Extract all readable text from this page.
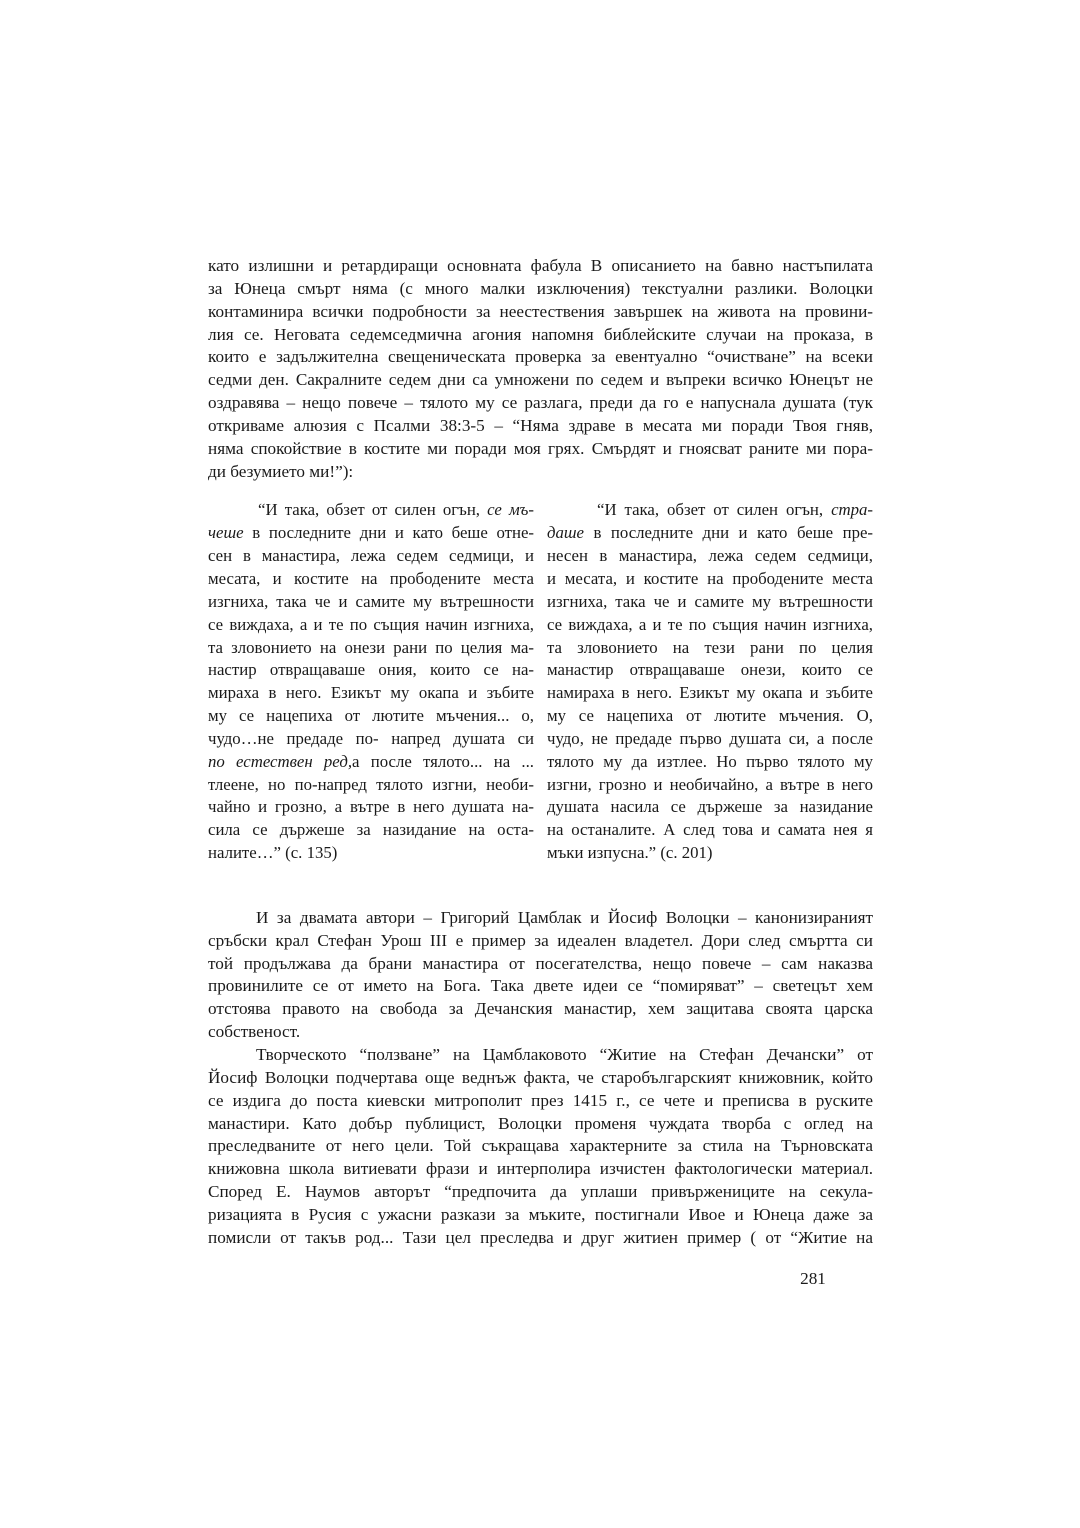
като излишни и ретардиращи основната фабула В описанието на бавно настъпилата
за Юнеца смърт няма (с много малки изключения) текстуални разлики. Волоцки
контаминира всички подробности за неестествения завършек на живота на провини-
лия се. Неговата седемседмична агония напомня библейските случаи на проказа, в
които е задължителна свещеническата проверка за евентуално “очистване” на всеки
седми ден. Сакралните седем дни са умножени по седем и въпреки всичко Юнецът не
оздравява – нещо повече – тялото му се разлага, преди да го е напуснала душата (тук
откриваме алюзия с Псалми 38:3-5 – “Няма здраве в месата ми поради Твоя гняв,
няма спокойствие в костите ми поради моя грях. Смърдят и гноясват раните ми пора-
ди безумието ми!”):

“И така, обзет от силен огън, се мъ-
чеше в последните дни и като беше отне-
сен в манастира, лежа седем седмици, и
месата, и костите на прободените места
изгниха, така че и самите му вътрешности
се виждаха, а и те по същия начин изгниха,
та зловонието на онези рани по целия ма-
настир отвращаваше ония, които се на-
мираха в него. Езикът му окапа и зъбите
му се нацепиха от лютите мъчения... о,
чудо…не предаде по- напред душата си
по естествен ред,а после тялото... на ...
тлеене, но по-напред тялото изгни, необи-
чайно и грозно, а вътре в него душата на-
сила се държеше за назидание на оста-
налите…” (с. 135)

“И така, обзет от силен огън, стра-
даше в последните дни и като беше пре-
несен в манастира, лежа седем седмици,
и месата, и костите на прободените места
изгниха, така че и самите му вътрешности
се виждаха, а и те по същия начин изгниха,
та зловонието на тези рани по целия
манастир отвращаваше онези, които се
намираха в него. Езикът му окапа и зъбите
му се нацепиха от лютите мъчения. О,
чудо, не предаде първо душата си, а после
тялото му да изтлее. Но първо тялото му
изгни, грозно и необичайно, а вътре в него
душата насила се държеше за назидание
на останалите. А след това и самата нея я
мъки изпусна.” (с. 201)

И за двамата автори – Григорий Цамблак и Йосиф Волоцки – канонизираният
сръбски крал Стефан Урош III е пример за идеален владетел. Дори след смъртта си
той продължава да брани манастира от посегателства, нещо повече – сам наказва
провинилите се от името на Бога. Така двете идеи се “помиряват” – светецът хем
отстоява правото на свобода за Дечанския манастир, хем защитава своята царска
собственост.

Творческото “ползване” на Цамблаковото “Житие на Стефан Дечански” от
Йосиф Волоцки подчертава още веднъж факта, че старобългарският книжовник, който
се издига до поста киевски митрополит през 1415 г., се чете и преписва в руските
манастири. Като добър публицист, Волоцки променя чуждата творба с оглед на
преследваните от него цели. Той съкращава характерните за стила на Търновската
книжовна школа витиевати фрази и интерполира изчистен фактологически материал.
Според Е. Наумов авторът “предпочита да уплаши привържениците на секула-
ризацията в Русия с ужасни разкази за мъките, постигнали Ивое и Юнеца даже за
помисли от такъв род... Тази цел преследва и друг житиен пример ( от “Житие на

281
